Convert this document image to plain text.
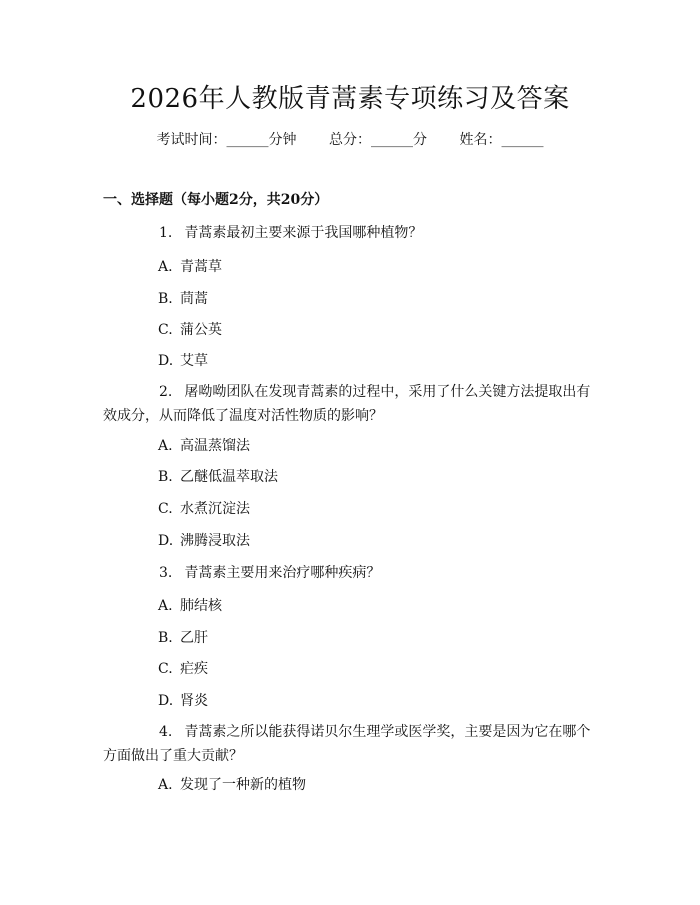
2026年人教版青蒿素专项练习及答案
考试时间：______分钟 总分：______分 姓名：______
一、选择题（每小题2分，共20分）

1. 青蒿素最初主要来源于我国哪种植物？

A. 青蒿草
B. 茼蒿
C. 蒲公英
D. 艾草

2. 屠呦呦团队在发现青蒿素的过程中，采用了什么关键方法提取出有效成分，从而降低了温度对活性物质的影响？

A. 高温蒸馏法
B. 乙醚低温萃取法
C. 水煮沉淀法
D. 沸腾浸取法

3. 青蒿素主要用来治疗哪种疾病？

A. 肺结核
B. 乙肝
C. 疟疾
D. 肾炎

4. 青蒿素之所以能获得诺贝尔生理学或医学奖，主要是因为它在哪个方面做出了重大贡献？

A. 发现了一种新的植物
